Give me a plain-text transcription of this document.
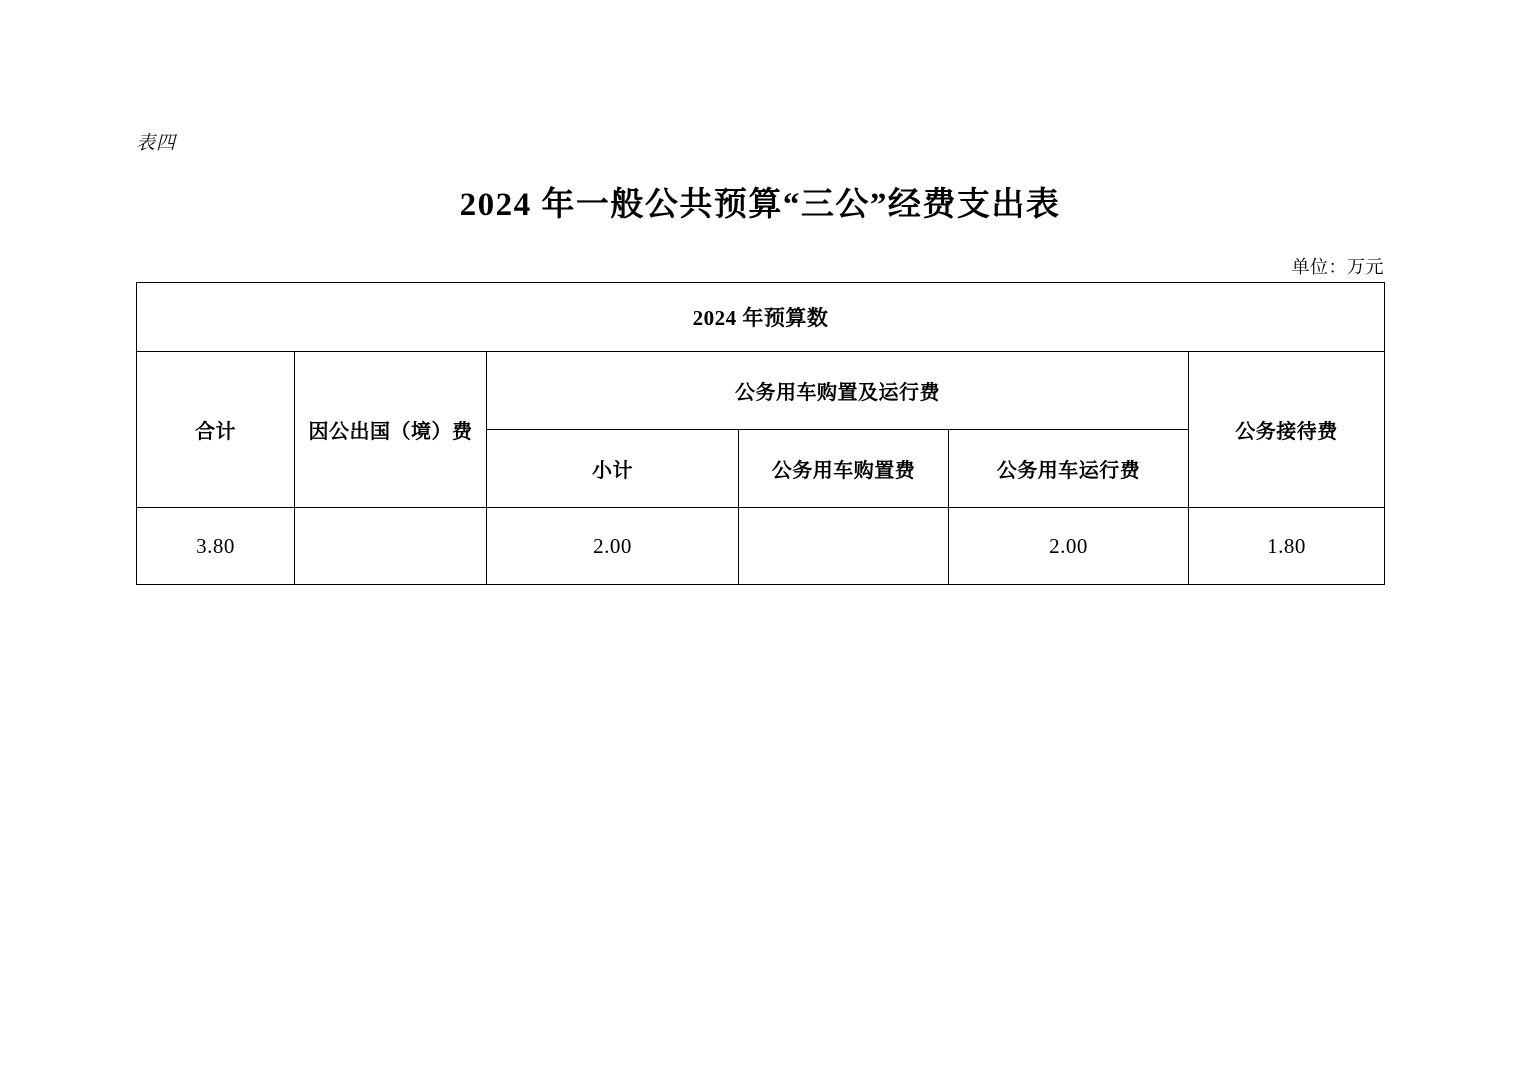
表四
2024 年一般公共预算“三公”经费支出表
单位：万元
2024 年预算数					
合计	因公出国（境）费	公务用车购置及运行费			公务接待费
		小计	公务用车购置费	公务用车运行费	
3.80		2.00		2.00	1.80
